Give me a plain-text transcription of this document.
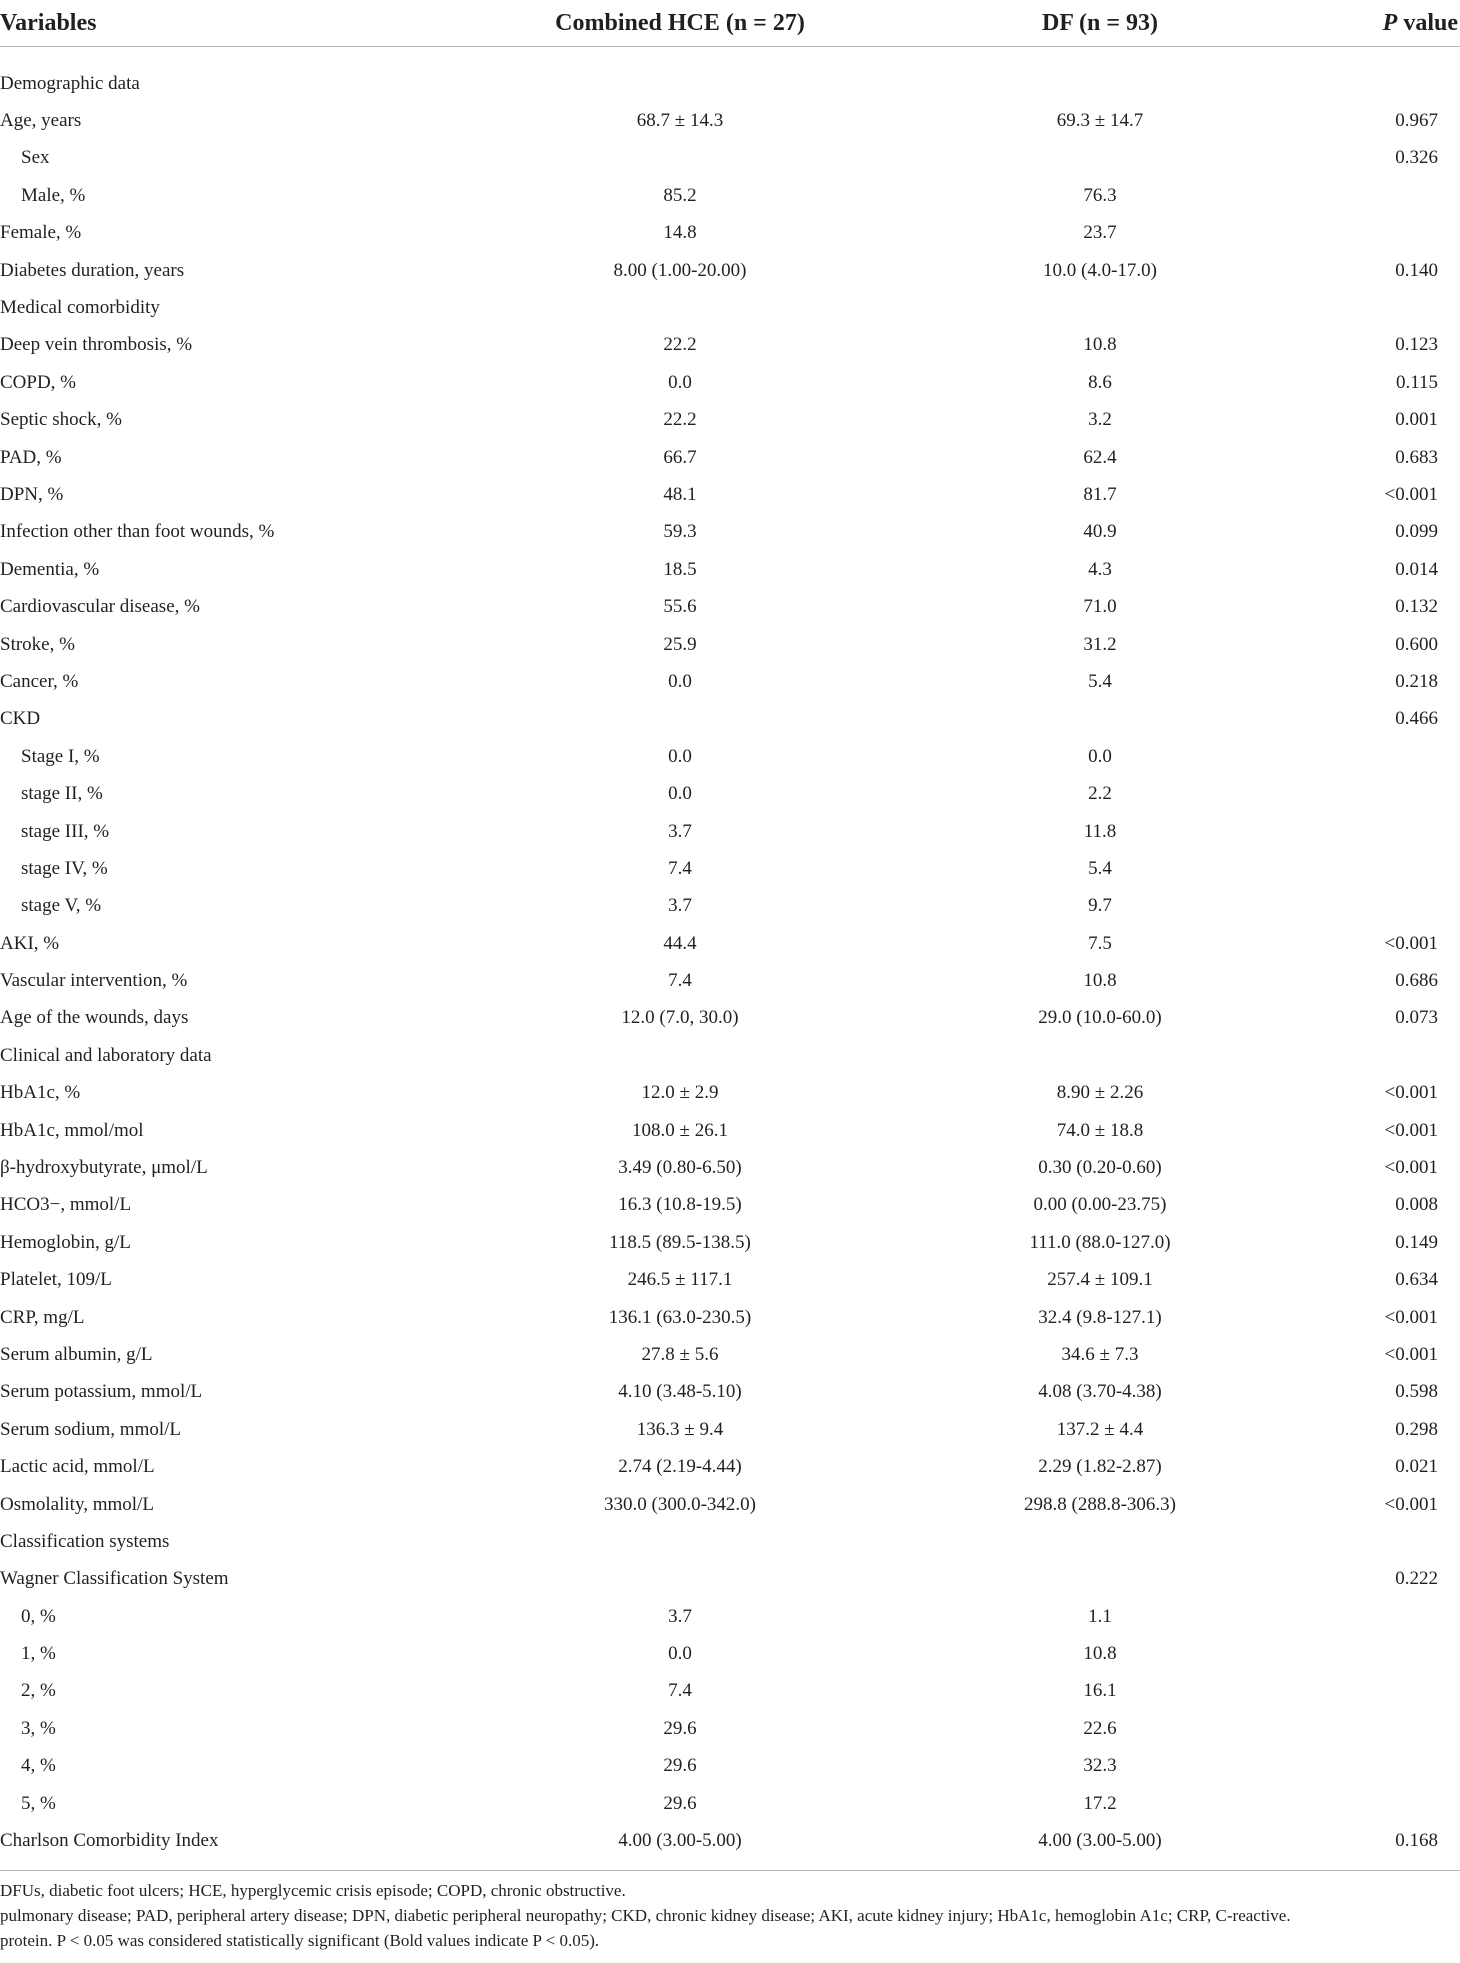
Variables	Combined HCE (n = 27)	DF (n = 93)	P value
Demographic data			
Age, years	68.7 ± 14.3	69.3 ± 14.7	0.967
Sex			0.326
Male, %	85.2	76.3	
Female, %	14.8	23.7	
Diabetes duration, years	8.00 (1.00-20.00)	10.0 (4.0-17.0)	0.140
Medical comorbidity			
Deep vein thrombosis, %	22.2	10.8	0.123
COPD, %	0.0	8.6	0.115
Septic shock, %	22.2	3.2	0.001
PAD, %	66.7	62.4	0.683
DPN, %	48.1	81.7	<0.001
Infection other than foot wounds, %	59.3	40.9	0.099
Dementia, %	18.5	4.3	0.014
Cardiovascular disease, %	55.6	71.0	0.132
Stroke, %	25.9	31.2	0.600
Cancer, %	0.0	5.4	0.218
CKD			0.466
Stage I, %	0.0	0.0	
stage II, %	0.0	2.2	
stage III, %	3.7	11.8	
stage IV, %	7.4	5.4	
stage V, %	3.7	9.7	
AKI, %	44.4	7.5	<0.001
Vascular intervention, %	7.4	10.8	0.686
Age of the wounds, days	12.0 (7.0, 30.0)	29.0 (10.0-60.0)	0.073
Clinical and laboratory data			
HbA1c, %	12.0 ± 2.9	8.90 ± 2.26	<0.001
HbA1c, mmol/mol	108.0 ± 26.1	74.0 ± 18.8	<0.001
β-hydroxybutyrate, μmol/L	3.49 (0.80-6.50)	0.30 (0.20-0.60)	<0.001
HCO3−, mmol/L	16.3 (10.8-19.5)	0.00 (0.00-23.75)	0.008
Hemoglobin, g/L	118.5 (89.5-138.5)	111.0 (88.0-127.0)	0.149
Platelet, 109/L	246.5 ± 117.1	257.4 ± 109.1	0.634
CRP, mg/L	136.1 (63.0-230.5)	32.4 (9.8-127.1)	<0.001
Serum albumin, g/L	27.8 ± 5.6	34.6 ± 7.3	<0.001
Serum potassium, mmol/L	4.10 (3.48-5.10)	4.08 (3.70-4.38)	0.598
Serum sodium, mmol/L	136.3 ± 9.4	137.2 ± 4.4	0.298
Lactic acid, mmol/L	2.74 (2.19-4.44)	2.29 (1.82-2.87)	0.021
Osmolality, mmol/L	330.0 (300.0-342.0)	298.8 (288.8-306.3)	<0.001
Classification systems			
Wagner Classification System			0.222
0, %	3.7	1.1	
1, %	0.0	10.8	
2, %	7.4	16.1	
3, %	29.6	22.6	
4, %	29.6	32.3	
5, %	29.6	17.2	
Charlson Comorbidity Index	4.00 (3.00-5.00)	4.00 (3.00-5.00)	0.168
DFUs, diabetic foot ulcers; HCE, hyperglycemic crisis episode; COPD, chronic obstructive.
pulmonary disease; PAD, peripheral artery disease; DPN, diabetic peripheral neuropathy; CKD, chronic kidney disease; AKI, acute kidney injury; HbA1c, hemoglobin A1c; CRP, C-reactive.
protein. P < 0.05 was considered statistically significant (Bold values indicate P < 0.05).
